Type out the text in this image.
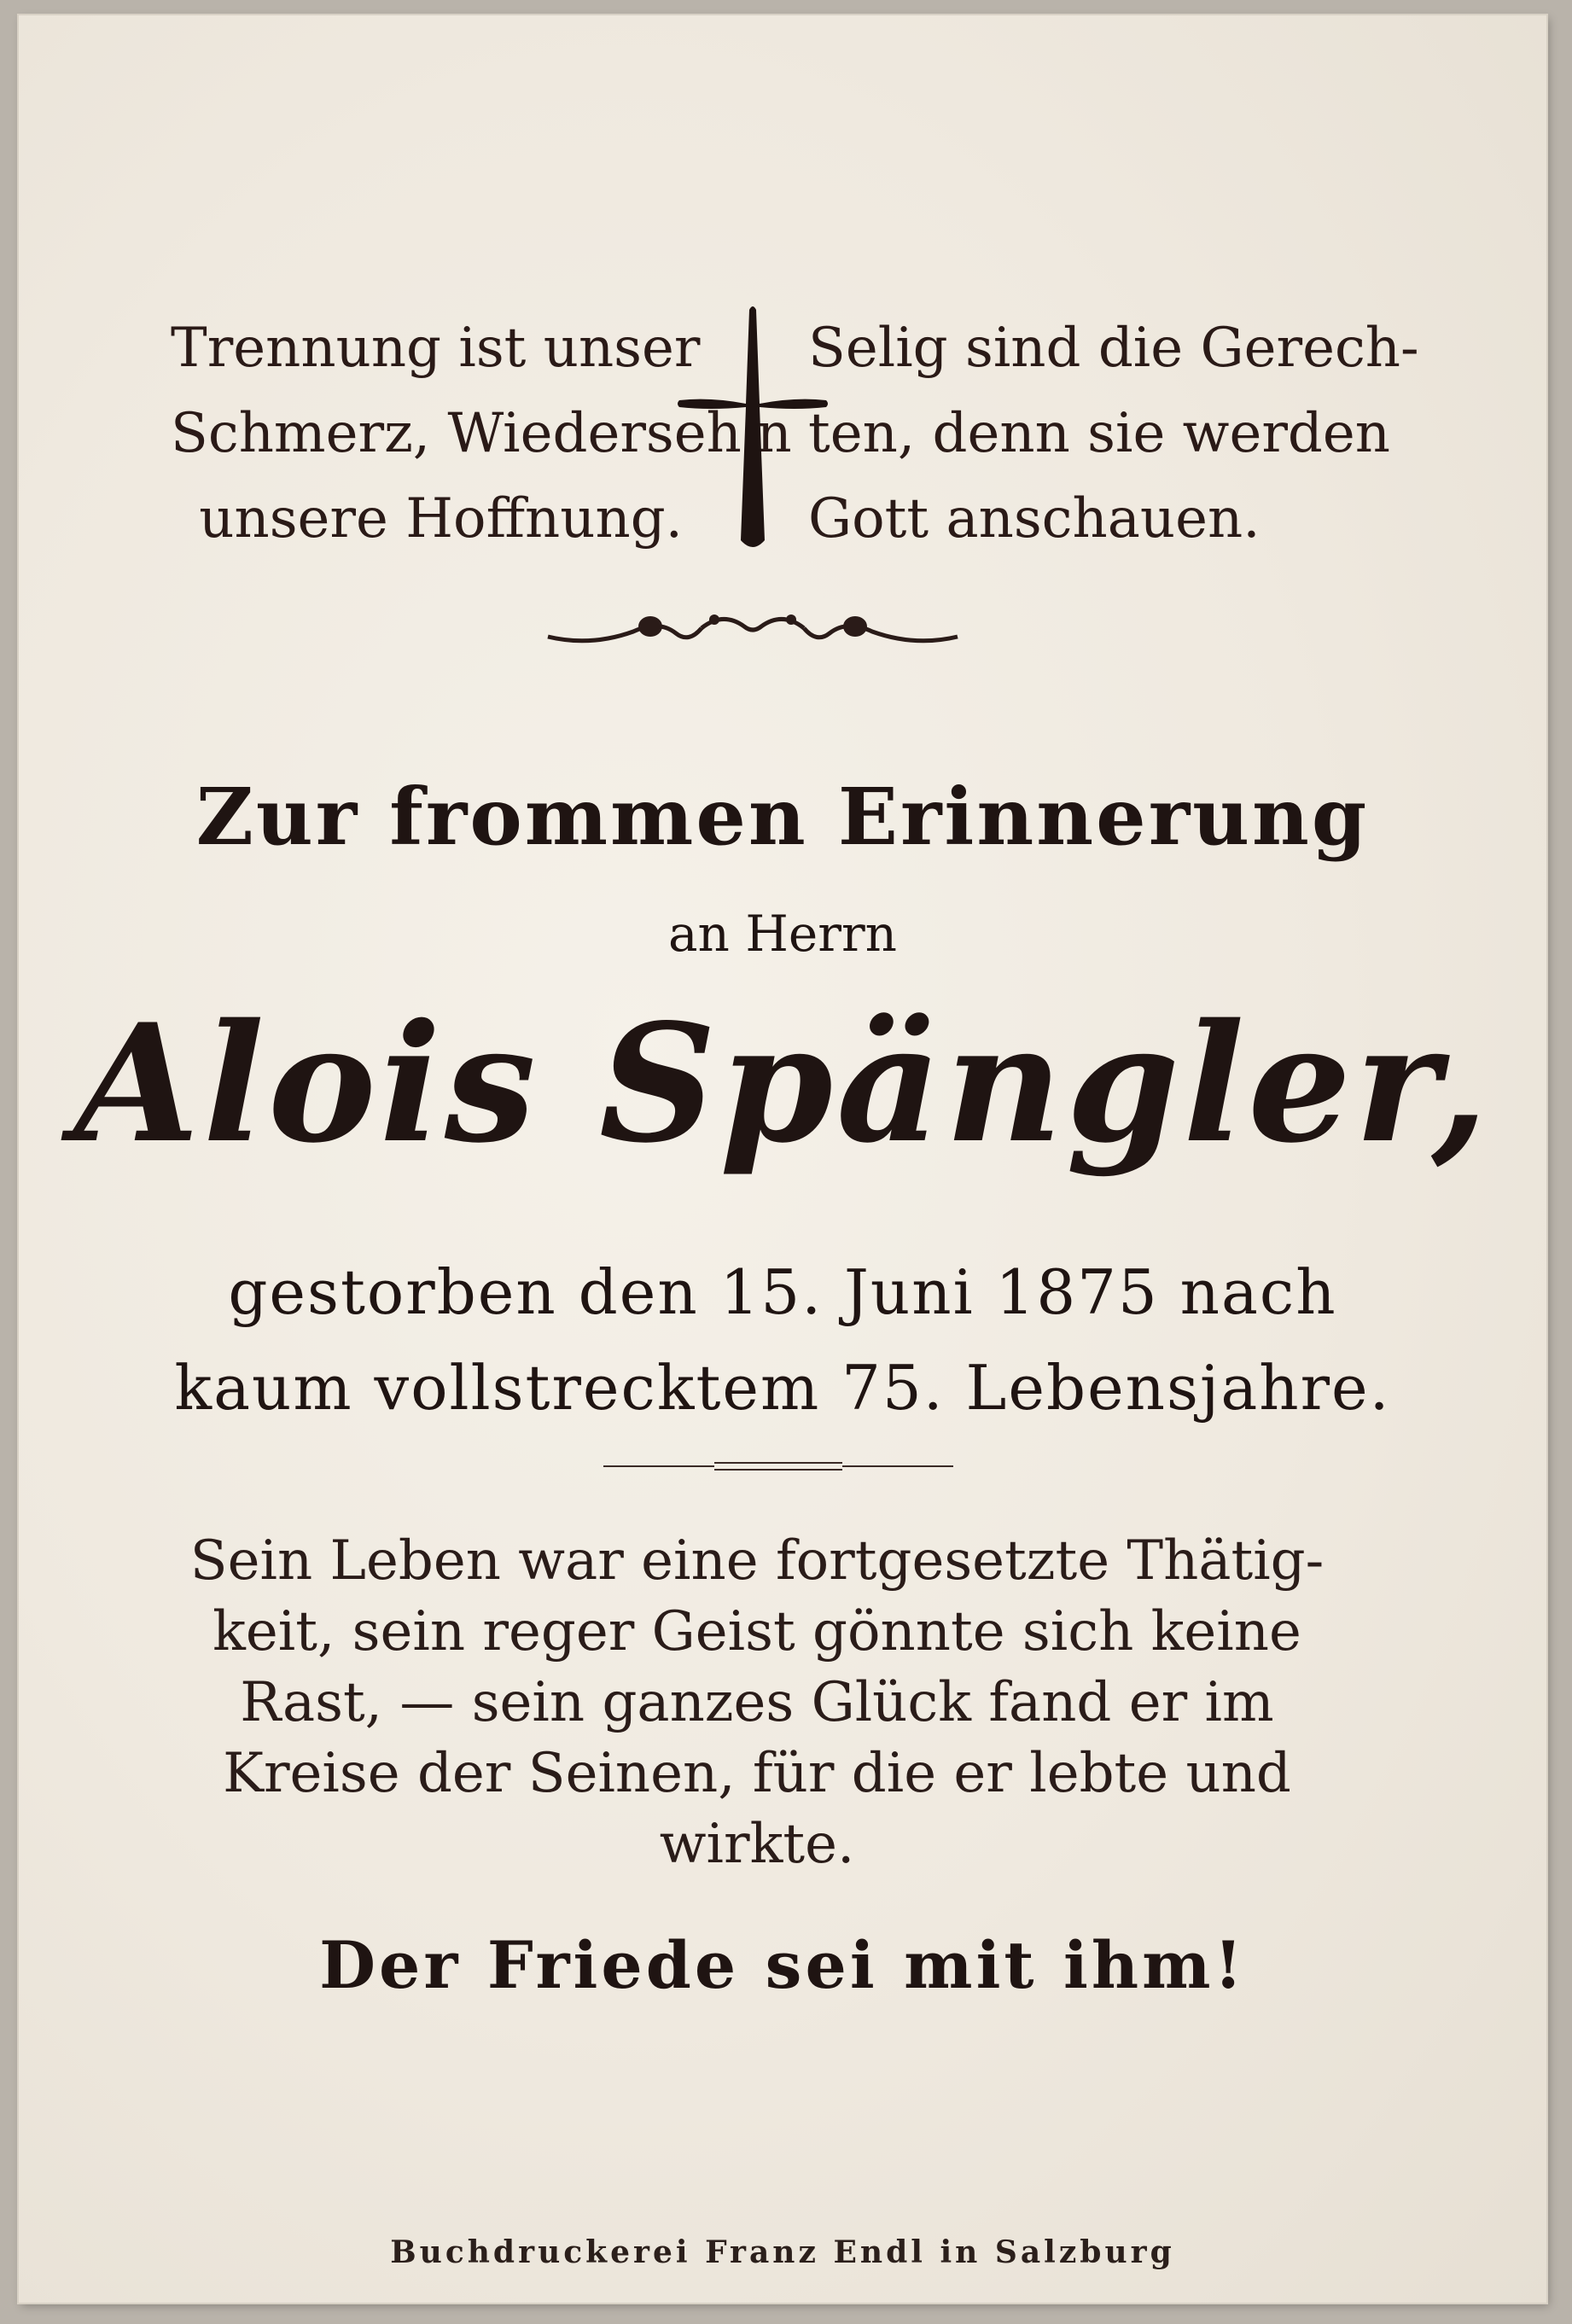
Trennung ist unser
Schmerz, Wiederseh'n
unsere Hoffnung.
Selig sind die Gerech-
ten, denn sie werden
Gott anschauen.
Zur frommen Erinnerung
an Herrn
Alois Spängler,
gestorben den 15. Juni 1875 nach
kaum vollstrecktem 75. Lebensjahre.
Sein Leben war eine fortgesetzte Thätig-
keit, sein reger Geist gönnte sich keine
Rast, — sein ganzes Glück fand er im
Kreise der Seinen, für die er lebte und
wirkte.
Der Friede sei mit ihm!
Buchdruckerei Franz Endl in Salzburg
